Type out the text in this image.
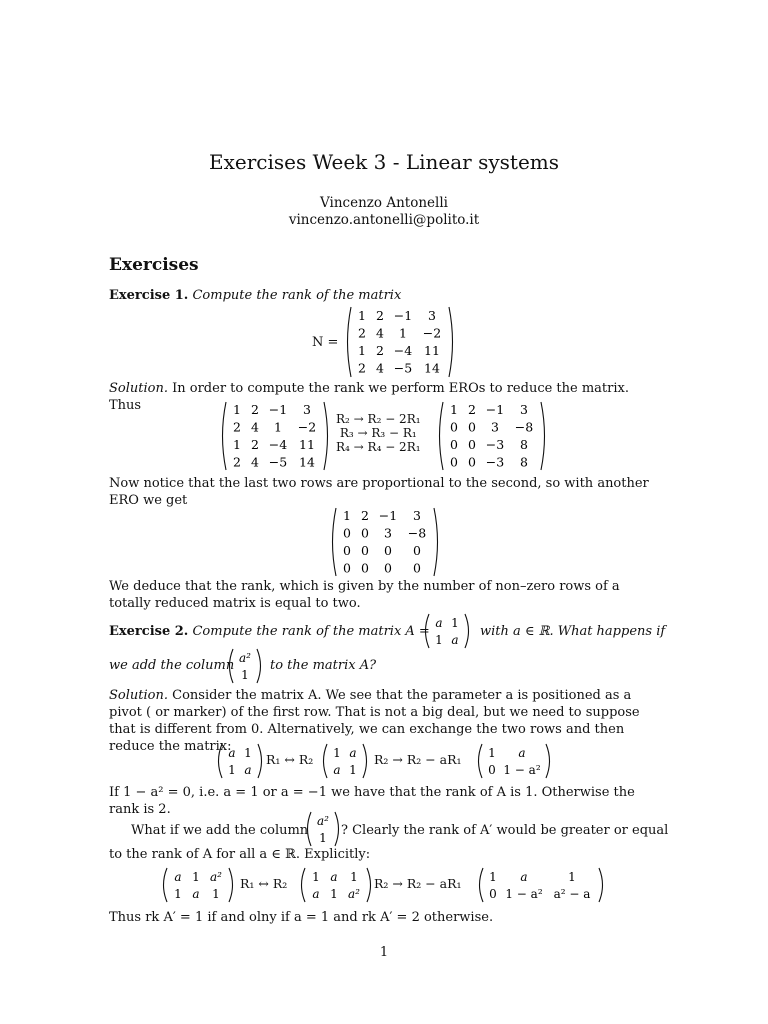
Exercises Week 3 - Linear systems
Vincenzo Antonelli
vincenzo.antonelli@polito.it
Exercises
Exercise 1. Compute the rank of the matrix
N =
1 2 −1 3
2 4 1 −2
1 2 −4 11
2 4 −5 14
Solution. In order to compute the rank we perform EROs to reduce the matrix. Thus	1 2 −1 3
2 4 1 −2
1 2 −4 11
2 4 −5 14
R₂ → R₂ − 2R₁
R₃ → R₃ − R₁
R₄ → R₄ − 2R₁
1 2 −1 3
0 0 3 −8
0 0 −3 8
0 0 −3 8
Now notice that the last two rows are proportional to the second, so with another ERO we get
1 2 −1 3
0 0 3 −8
0 0 0 0
0 0 0 0
We deduce that the rank, which is given by the number of non–zero rows of a totally reduced matrix is equal to two.
Exercise 2. Compute the rank of the matrix A =
a 1
1 a
with a ∈ ℝ. What happens if
we add the column
a²
1
to the matrix A?
Solution. Consider the matrix A. We see that the parameter a is positioned as a pivot ( or marker) of the first row. That is not a big deal, but we need to suppose that is different from 0. Alternatively, we can exchange the two rows and then reduce the matrix:
a 1
1 a
R₁ ↔ R₂ 1 a
a 1
R₂ → R₂ − aR₁ 1 a
0 1 − a²
If 1 − a² = 0, i.e. a = 1 or a = −1 we have that the rank of A is 1. Otherwise the rank is 2.
What if we add the column
a²
1 ? Clearly the rank of A′ would be greater or equal
to the rank of A for all a ∈ ℝ. Explicitly:
a 1 a²
1 a 1
R₁ ↔ R₂ 1 a 1
a 1 a²
R₂ → R₂ − aR₁ 1 a	1
0 1 − a² a² − a
Thus rk A′ = 1 if and olny if a = 1 and rk A′ = 2 otherwise.
1
